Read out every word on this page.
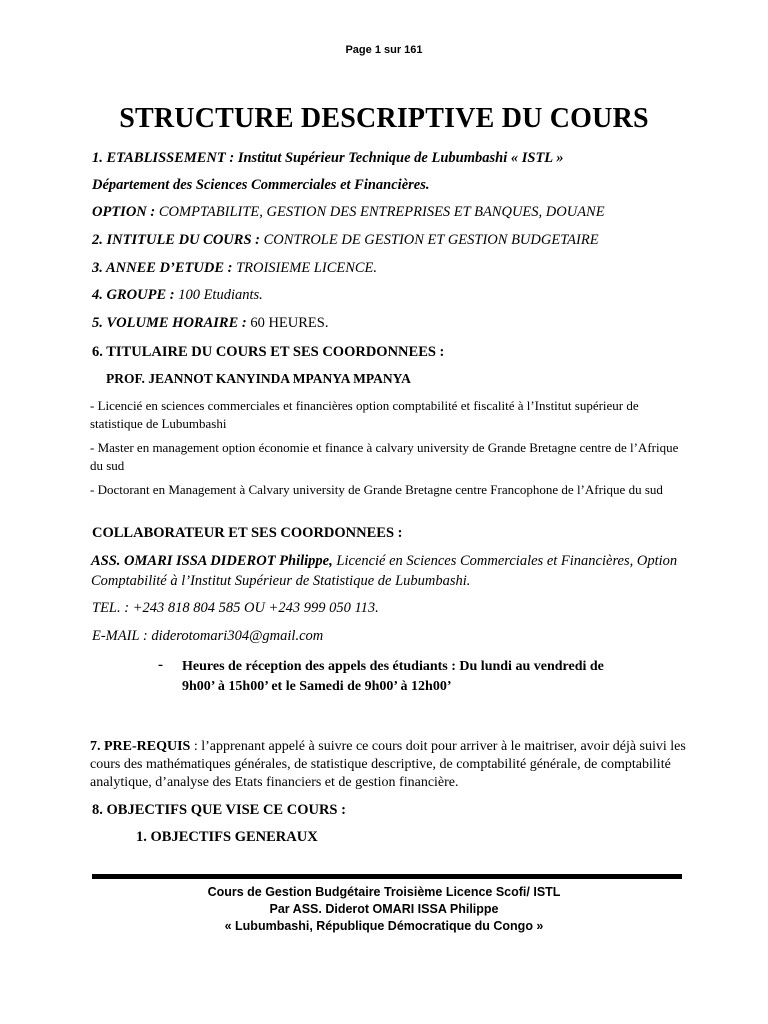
Page 1 sur 161
STRUCTURE DESCRIPTIVE DU COURS
1. ETABLISSEMENT : Institut Supérieur Technique de Lubumbashi « ISTL »
Département des Sciences Commerciales et Financières.
OPTION : COMPTABILITE, GESTION DES ENTREPRISES ET BANQUES, DOUANE
2. INTITULE DU COURS : CONTROLE DE GESTION ET GESTION BUDGETAIRE
3. ANNEE D’ETUDE : TROISIEME LICENCE.
4. GROUPE : 100 Etudiants.
5. VOLUME HORAIRE : 60 HEURES.
6. TITULAIRE DU COURS ET SES COORDONNEES :
PROF. JEANNOT KANYINDA MPANYA MPANYA
- Licencié en sciences commerciales et financières option comptabilité et fiscalité à l’Institut supérieur de statistique de Lubumbashi
- Master en management option économie et finance à calvary university de Grande Bretagne centre de l’Afrique du sud
- Doctorant en Management à Calvary university de Grande Bretagne centre Francophone de l’Afrique du sud
COLLABORATEUR ET SES COORDONNEES :
ASS. OMARI ISSA DIDEROT Philippe, Licencié en Sciences Commerciales et Financières, Option Comptabilité à l’Institut Supérieur de Statistique de Lubumbashi.
TEL. : +243 818 804 585 OU +243 999 050 113.
E-MAIL : diderotomari304@gmail.com
- Heures de réception des appels des étudiants : Du lundi au vendredi de
9h00’ à 15h00’ et le Samedi de 9h00’ à 12h00’
7. PRE-REQUIS : l’apprenant appelé à suivre ce cours doit pour arriver à le maitriser, avoir déjà suivi les cours des mathématiques générales, de statistique descriptive, de comptabilité générale, de comptabilité analytique, d’analyse des Etats financiers et de gestion financière.
8. OBJECTIFS QUE VISE CE COURS :
1. OBJECTIFS GENERAUX
Cours de Gestion Budgétaire Troisième Licence Scofi/ ISTL
Par ASS. Diderot OMARI ISSA Philippe
« Lubumbashi, République Démocratique du Congo »
